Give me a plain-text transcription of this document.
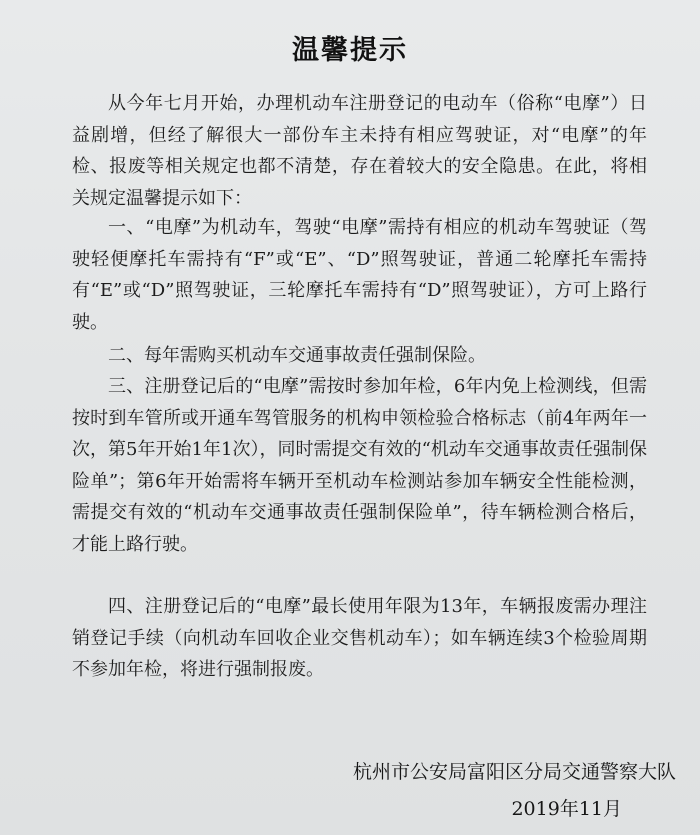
温馨提示

从今年七月开始，办理机动车注册登记的电动车（俗称“电摩”）日益剧增，但经了解很大一部份车主未持有相应驾驶证，对“电摩”的年检、报废等相关规定也都不清楚，存在着较大的安全隐患。在此，将相关规定温馨提示如下：

一、“电摩”为机动车，驾驶“电摩”需持有相应的机动车驾驶证（驾驶轻便摩托车需持有“F”或“E”、“D”照驾驶证，普通二轮摩托车需持有“E”或“D”照驾驶证，三轮摩托车需持有“D”照驾驶证），方可上路行驶。

二、每年需购买机动车交通事故责任强制保险。

三、注册登记后的“电摩”需按时参加年检，6年内免上检测线，但需按时到车管所或开通车驾管服务的机构申领检验合格标志（前4年两年一次，第5年开始1年1次），同时需提交有效的“机动车交通事故责任强制保险单”；第6年开始需将车辆开至机动车检测站参加车辆安全性能检测，需提交有效的“机动车交通事故责任强制保险单”，待车辆检测合格后，才能上路行驶。

四、注册登记后的“电摩”最长使用年限为13年，车辆报废需办理注销登记手续（向机动车回收企业交售机动车）；如车辆连续3个检验周期不参加年检，将进行强制报废。

杭州市公安局富阳区分局交通警察大队

2019年11月
